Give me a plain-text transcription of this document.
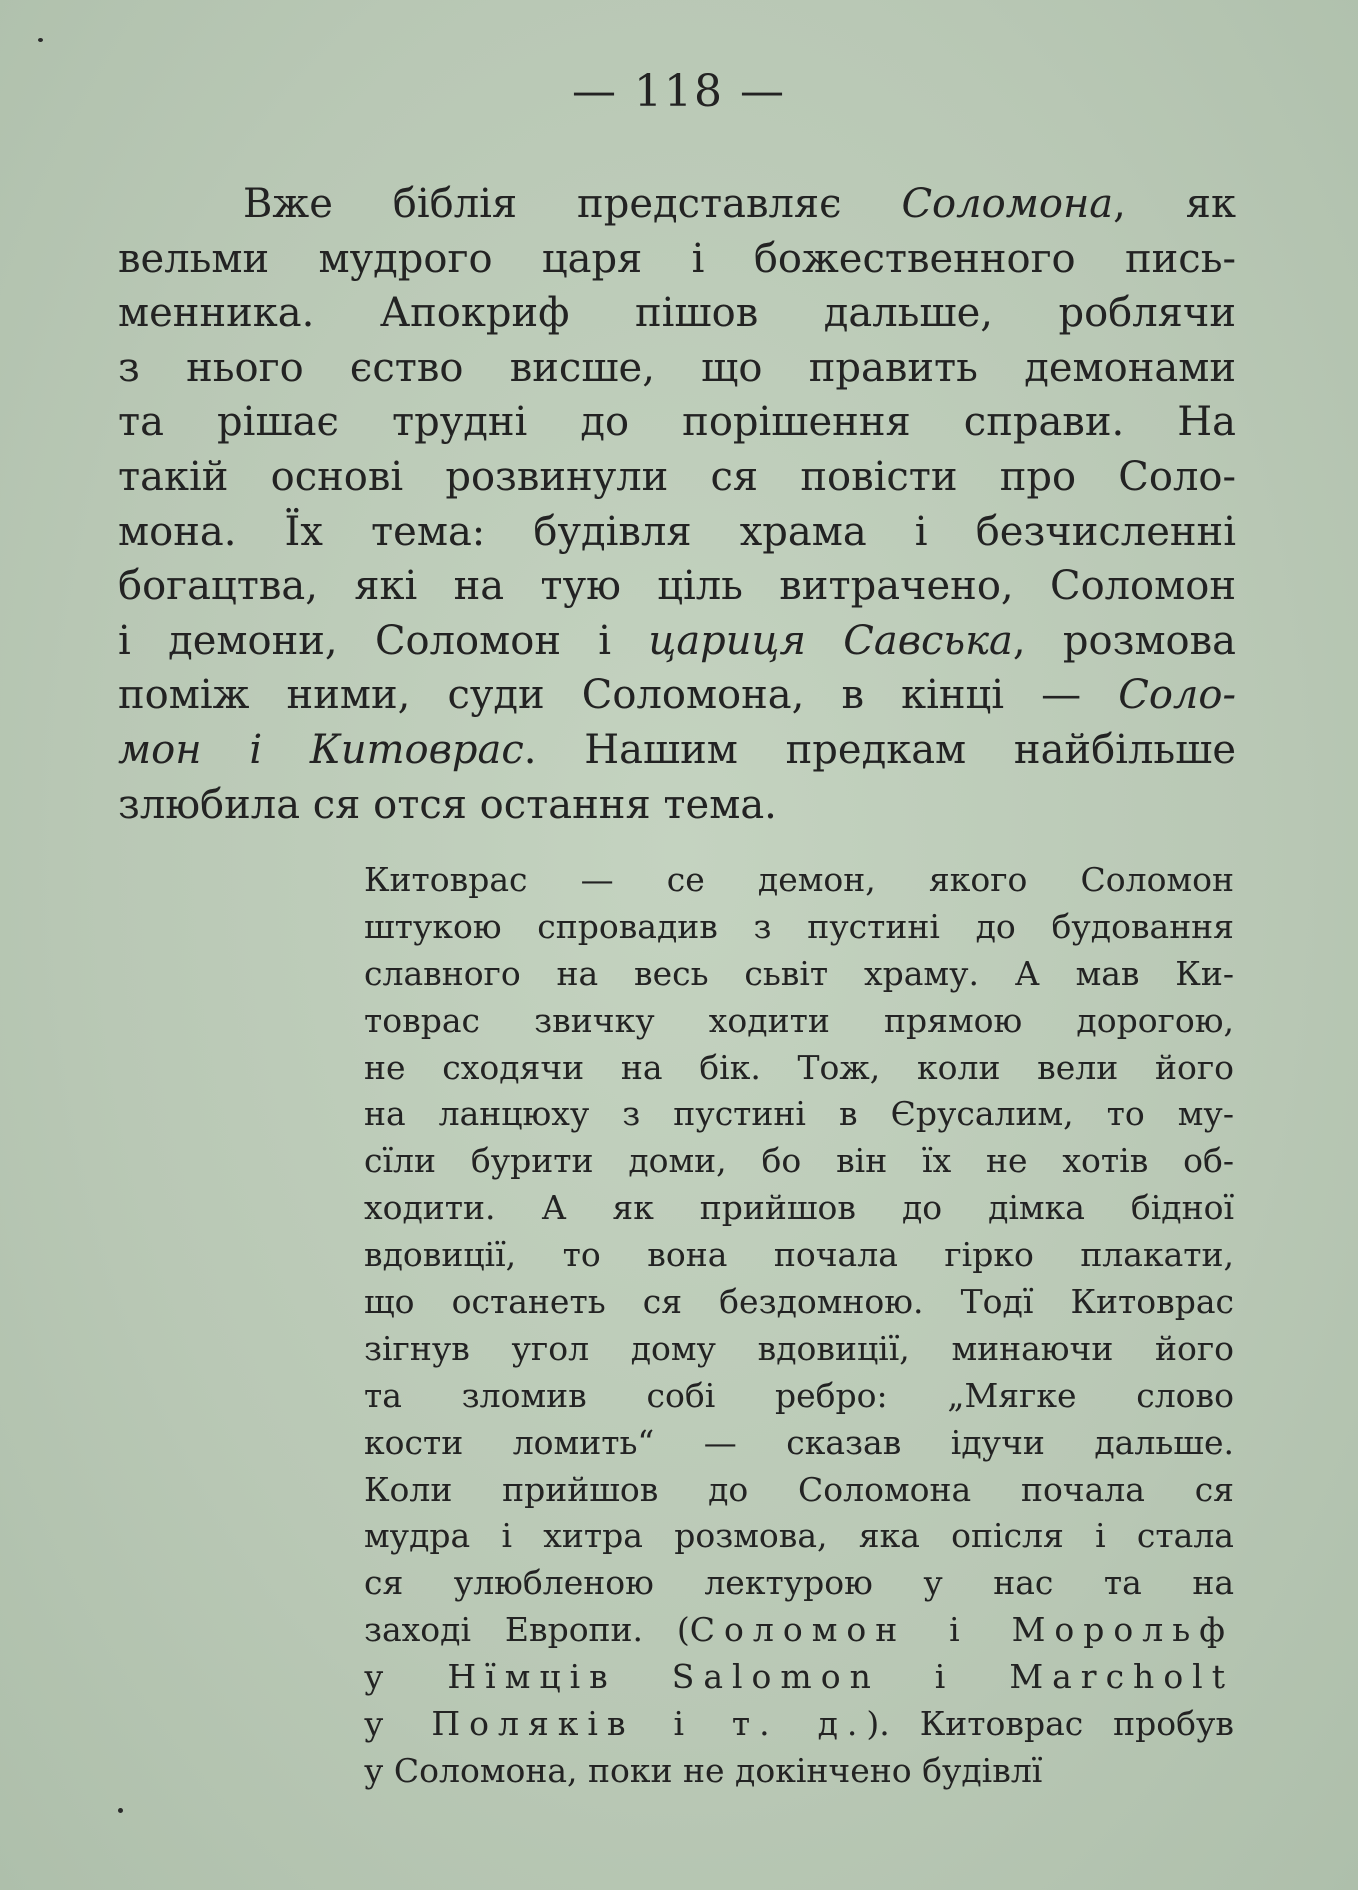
— 118 —
Вже біблія представляє Соломона, як
вельми мудрого царя і божественного пись-
менника. Апокриф пішов дальше, роблячи
з нього єство висше, що править демонами
та рішає трудні до порішення справи. На
такій основі розвинули ся повісти про Соло-
мона. Їх тема: будівля храма і безчисленні
богацтва, які на тую ціль витрачено, Соломон
і демони, Соломон і цариця Савська, розмова
поміж ними, суди Соломона, в кінці — Соло-
мон і Китоврас. Нашим предкам найбільше
злюбила ся отся остання тема.
Китоврас — се демон, якого Соломон
штукою спровадив з пустині до будовання
славного на весь сьвіт храму. А мав Ки-
товрас звичку ходити прямою дорогою,
не сходячи на бік. Тож, коли вели його
на ланцюху з пустині в Єрусалим, то му-
сїли бурити доми, бо він їх не хотів об-
ходити. А як прийшов до дімка бідної
вдовиції, то вона почала гірко плакати,
що останеть ся бездомною. Тодї Китоврас
зігнув угол дому вдовиції, минаючи його
та зломив собі ребро: „Мягке слово
кости ломить“ — сказав ідучи дальше.
Коли прийшов до Соломона почала ся
мудра і хитра розмова, яка опісля і стала
ся улюбленою лектурою у нас та на
заході Европи. (Соломон і Морольф
у Нїмців Salomon і Marcholt
у Поляків і т. д.). Китоврас пробув
у Соломона, поки не докінчено будівлї
